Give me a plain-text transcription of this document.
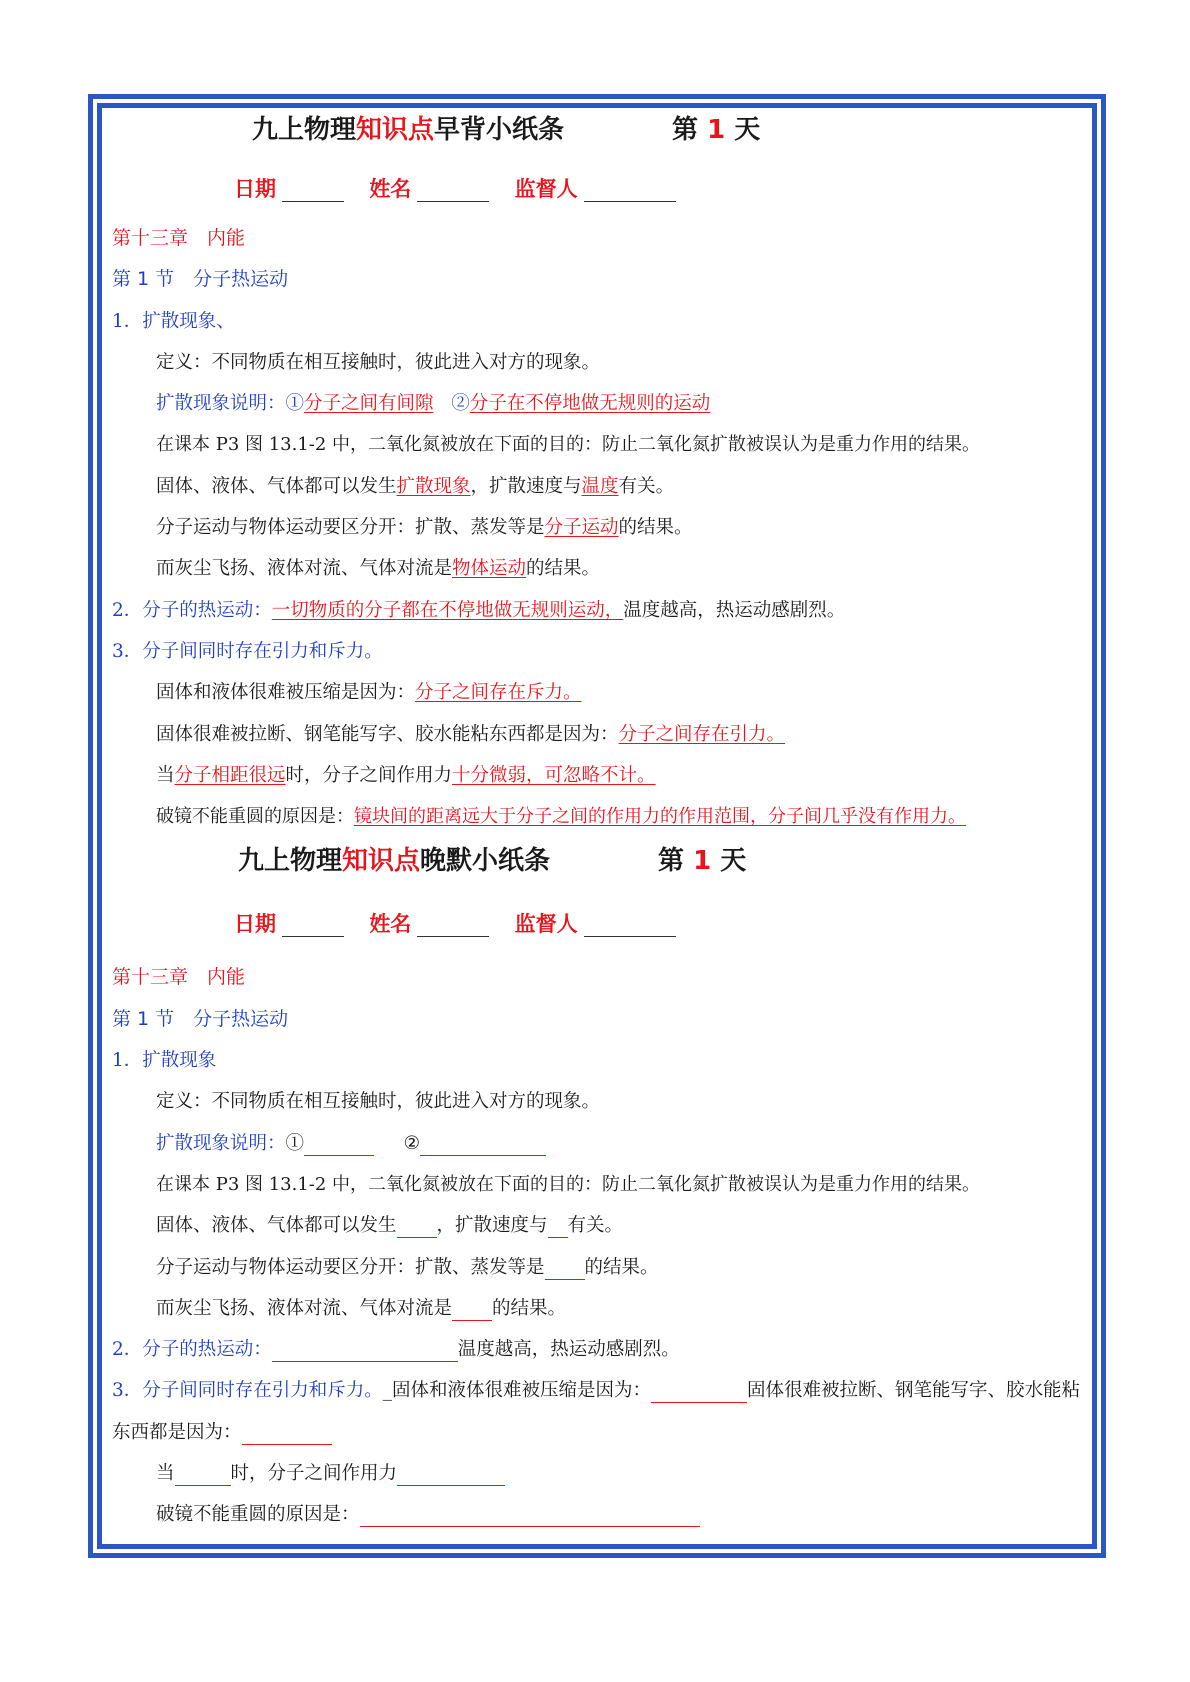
九上物理知识点早背小纸条	第 1 天
日期	姓名	监督人
第十三章　内能
第 1 节　分子热运动
1．扩散现象、
定义：不同物质在相互接触时，彼此进入对方的现象。
扩散现象说明：①分子之间有间隙 ②分子在不停地做无规则的运动
在课本 P3 图 13.1-2 中，二氧化氮被放在下面的目的：防止二氧化氮扩散被误认为是重力作用的结果。
固体、液体、气体都可以发生扩散现象，扩散速度与温度有关。
分子运动与物体运动要区分开：扩散、蒸发等是分子运动的结果。
而灰尘飞扬、液体对流、气体对流是物体运动的结果。
2．分子的热运动：一切物质的分子都在不停地做无规则运动，温度越高，热运动感剧烈。
3．分子间同时存在引力和斥力。
固体和液体很难被压缩是因为：分子之间存在斥力。
固体很难被拉断、钢笔能写字、胶水能粘东西都是因为：分子之间存在引力。
当分子相距很远时，分子之间作用力十分微弱，可忽略不计。
破镜不能重圆的原因是：镜块间的距离远大于分子之间的作用力的作用范围，分子间几乎没有作用力。
九上物理知识点晚默小纸条	第 1 天
日期	姓名	监督人
第十三章　内能
第 1 节　分子热运动
1．扩散现象
定义：不同物质在相互接触时，彼此进入对方的现象。
扩散现象说明：①	②
在课本 P3 图 13.1-2 中，二氧化氮被放在下面的目的：防止二氧化氮扩散被误认为是重力作用的结果。
固体、液体、气体都可以发生 ，扩散速度与 有关。
分子运动与物体运动要区分开：扩散、蒸发等是 的结果。
而灰尘飞扬、液体对流、气体对流是 的结果。
2．分子的热运动：	温度越高，热运动感剧烈。
3．分子间同时存在引力和斥力。_固体和液体很难被压缩是因为：	固体很难被拉断、钢笔能写字、胶水能粘东西都是因为：
当	时，分子之间作用力
破镜不能重圆的原因是：
